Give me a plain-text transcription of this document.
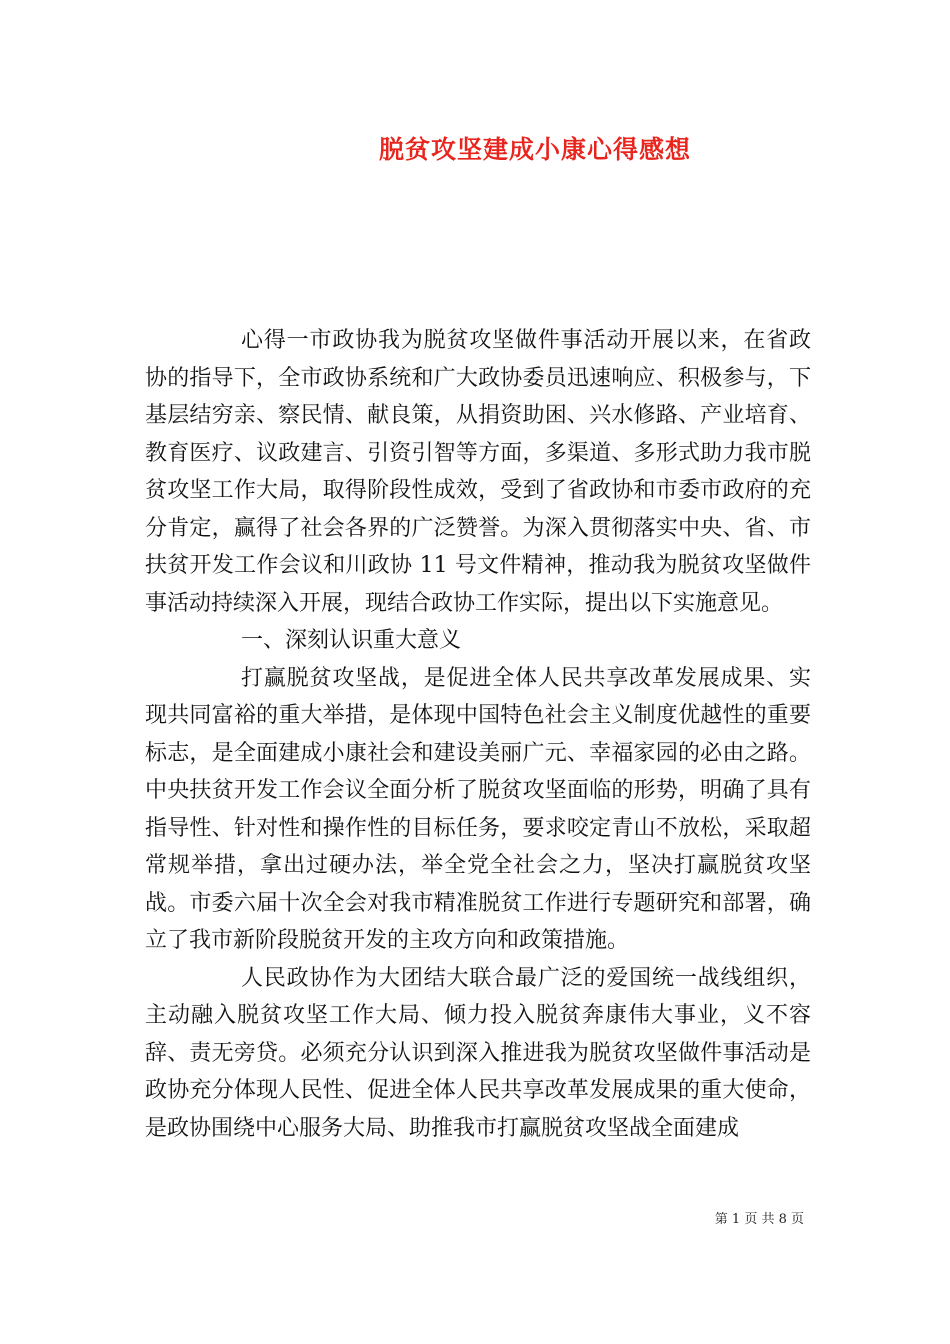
脱贫攻坚建成小康心得感想

心得一市政协我为脱贫攻坚做件事活动开展以来，在省政协的指导下，全市政协系统和广大政协委员迅速响应、积极参与，下基层结穷亲、察民情、献良策，从捐资助困、兴水修路、产业培育、教育医疗、议政建言、引资引智等方面，多渠道、多形式助力我市脱贫攻坚工作大局，取得阶段性成效，受到了省政协和市委市政府的充分肯定，赢得了社会各界的广泛赞誉。为深入贯彻落实中央、省、市扶贫开发工作会议和川政协 11 号文件精神，推动我为脱贫攻坚做件事活动持续深入开展，现结合政协工作实际，提出以下实施意见。

一、深刻认识重大意义

打赢脱贫攻坚战，是促进全体人民共享改革发展成果、实现共同富裕的重大举措，是体现中国特色社会主义制度优越性的重要标志，是全面建成小康社会和建设美丽广元、幸福家园的必由之路。中央扶贫开发工作会议全面分析了脱贫攻坚面临的形势，明确了具有指导性、针对性和操作性的目标任务，要求咬定青山不放松，采取超常规举措，拿出过硬办法，举全党全社会之力，坚决打赢脱贫攻坚战。市委六届十次全会对我市精准脱贫工作进行专题研究和部署，确立了我市新阶段脱贫开发的主攻方向和政策措施。

人民政协作为大团结大联合最广泛的爱国统一战线组织，主动融入脱贫攻坚工作大局、倾力投入脱贫奔康伟大事业，义不容辞、责无旁贷。必须充分认识到深入推进我为脱贫攻坚做件事活动是政协充分体现人民性、促进全体人民共享改革发展成果的重大使命，是政协围绕中心服务大局、助推我市打赢脱贫攻坚战全面建成

第 1 页 共 8 页
